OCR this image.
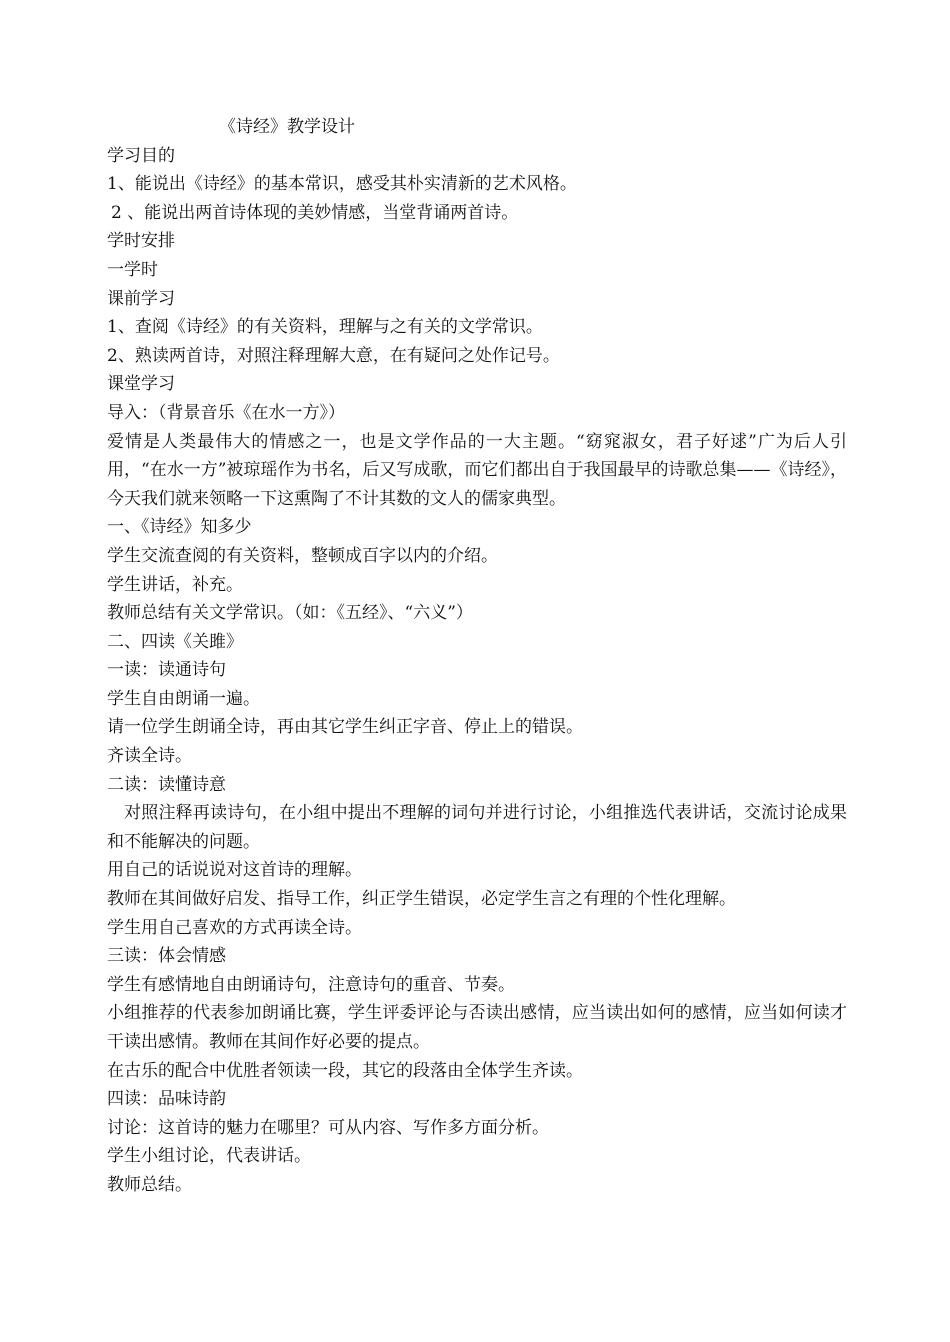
《诗经》教学设计
学习目的
1、能说出《诗经》的基本常识，感受其朴实清新的艺术风格。
2 、能说出两首诗体现的美妙情感，当堂背诵两首诗。
学时安排
一学时
课前学习
1、查阅《诗经》的有关资料，理解与之有关的文学常识。
2、熟读两首诗，对照注释理解大意，在有疑问之处作记号。
课堂学习
导入：（背景音乐《在水一方》）
爱情是人类最伟大的情感之一，也是文学作品的一大主题。“窈窕淑女，君子好逑”广为后人引用，“在水一方”被琼瑶作为书名，后又写成歌，而它们都出自于我国最早的诗歌总集——《诗经》，今天我们就来领略一下这熏陶了不计其数的文人的儒家典型。
一、《诗经》知多少
学生交流查阅的有关资料，整顿成百字以内的介绍。
学生讲话，补充。
教师总结有关文学常识。（如：《五经》、“六义”）
二、四读《关雎》
一读：读通诗句
学生自由朗诵一遍。
请一位学生朗诵全诗，再由其它学生纠正字音、停止上的错误。
齐读全诗。
二读：读懂诗意
对照注释再读诗句，在小组中提出不理解的词句并进行讨论，小组推选代表讲话，交流讨论成果和不能解决的问题。
用自己的话说说对这首诗的理解。
教师在其间做好启发、指导工作，纠正学生错误，必定学生言之有理的个性化理解。
学生用自己喜欢的方式再读全诗。
三读：体会情感
学生有感情地自由朗诵诗句，注意诗句的重音、节奏。
小组推荐的代表参加朗诵比赛，学生评委评论与否读出感情，应当读出如何的感情，应当如何读才干读出感情。教师在其间作好必要的提点。
在古乐的配合中优胜者领读一段，其它的段落由全体学生齐读。
四读：品味诗韵
讨论：这首诗的魅力在哪里？可从内容、写作多方面分析。
学生小组讨论，代表讲话。
教师总结。
